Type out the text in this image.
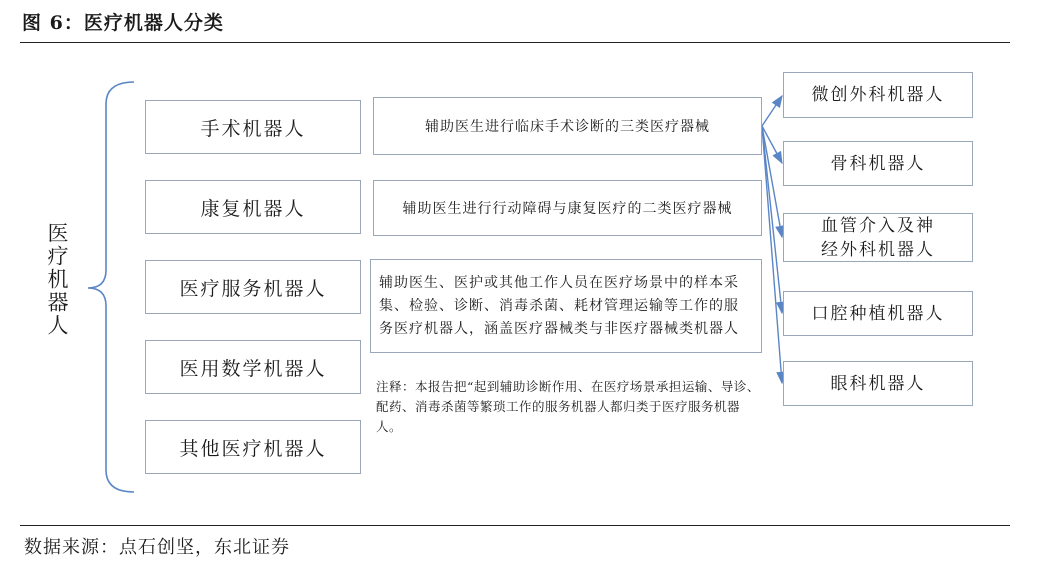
图 6：医疗机器人分类
医疗机器人
手术机器人
康复机器人
医疗服务机器人
医用数学机器人
其他医疗机器人
辅助医生进行临床手术诊断的三类医疗器械
辅助医生进行行动障碍与康复医疗的二类医疗器械
辅助医生、医护或其他工作人员在医疗场景中的样本采集、检验、诊断、消毒杀菌、耗材管理运输等工作的服务医疗机器人，涵盖医疗器械类与非医疗器械类机器人
注释：本报告把“起到辅助诊断作用、在医疗场景承担运输、导诊、配药、消毒杀菌等繁琐工作的服务机器人都归类于医疗服务机器人。
微创外科机器人
骨科机器人
血管介入及神经外科机器人
口腔种植机器人
眼科机器人
数据来源：点石创坚，东北证券
